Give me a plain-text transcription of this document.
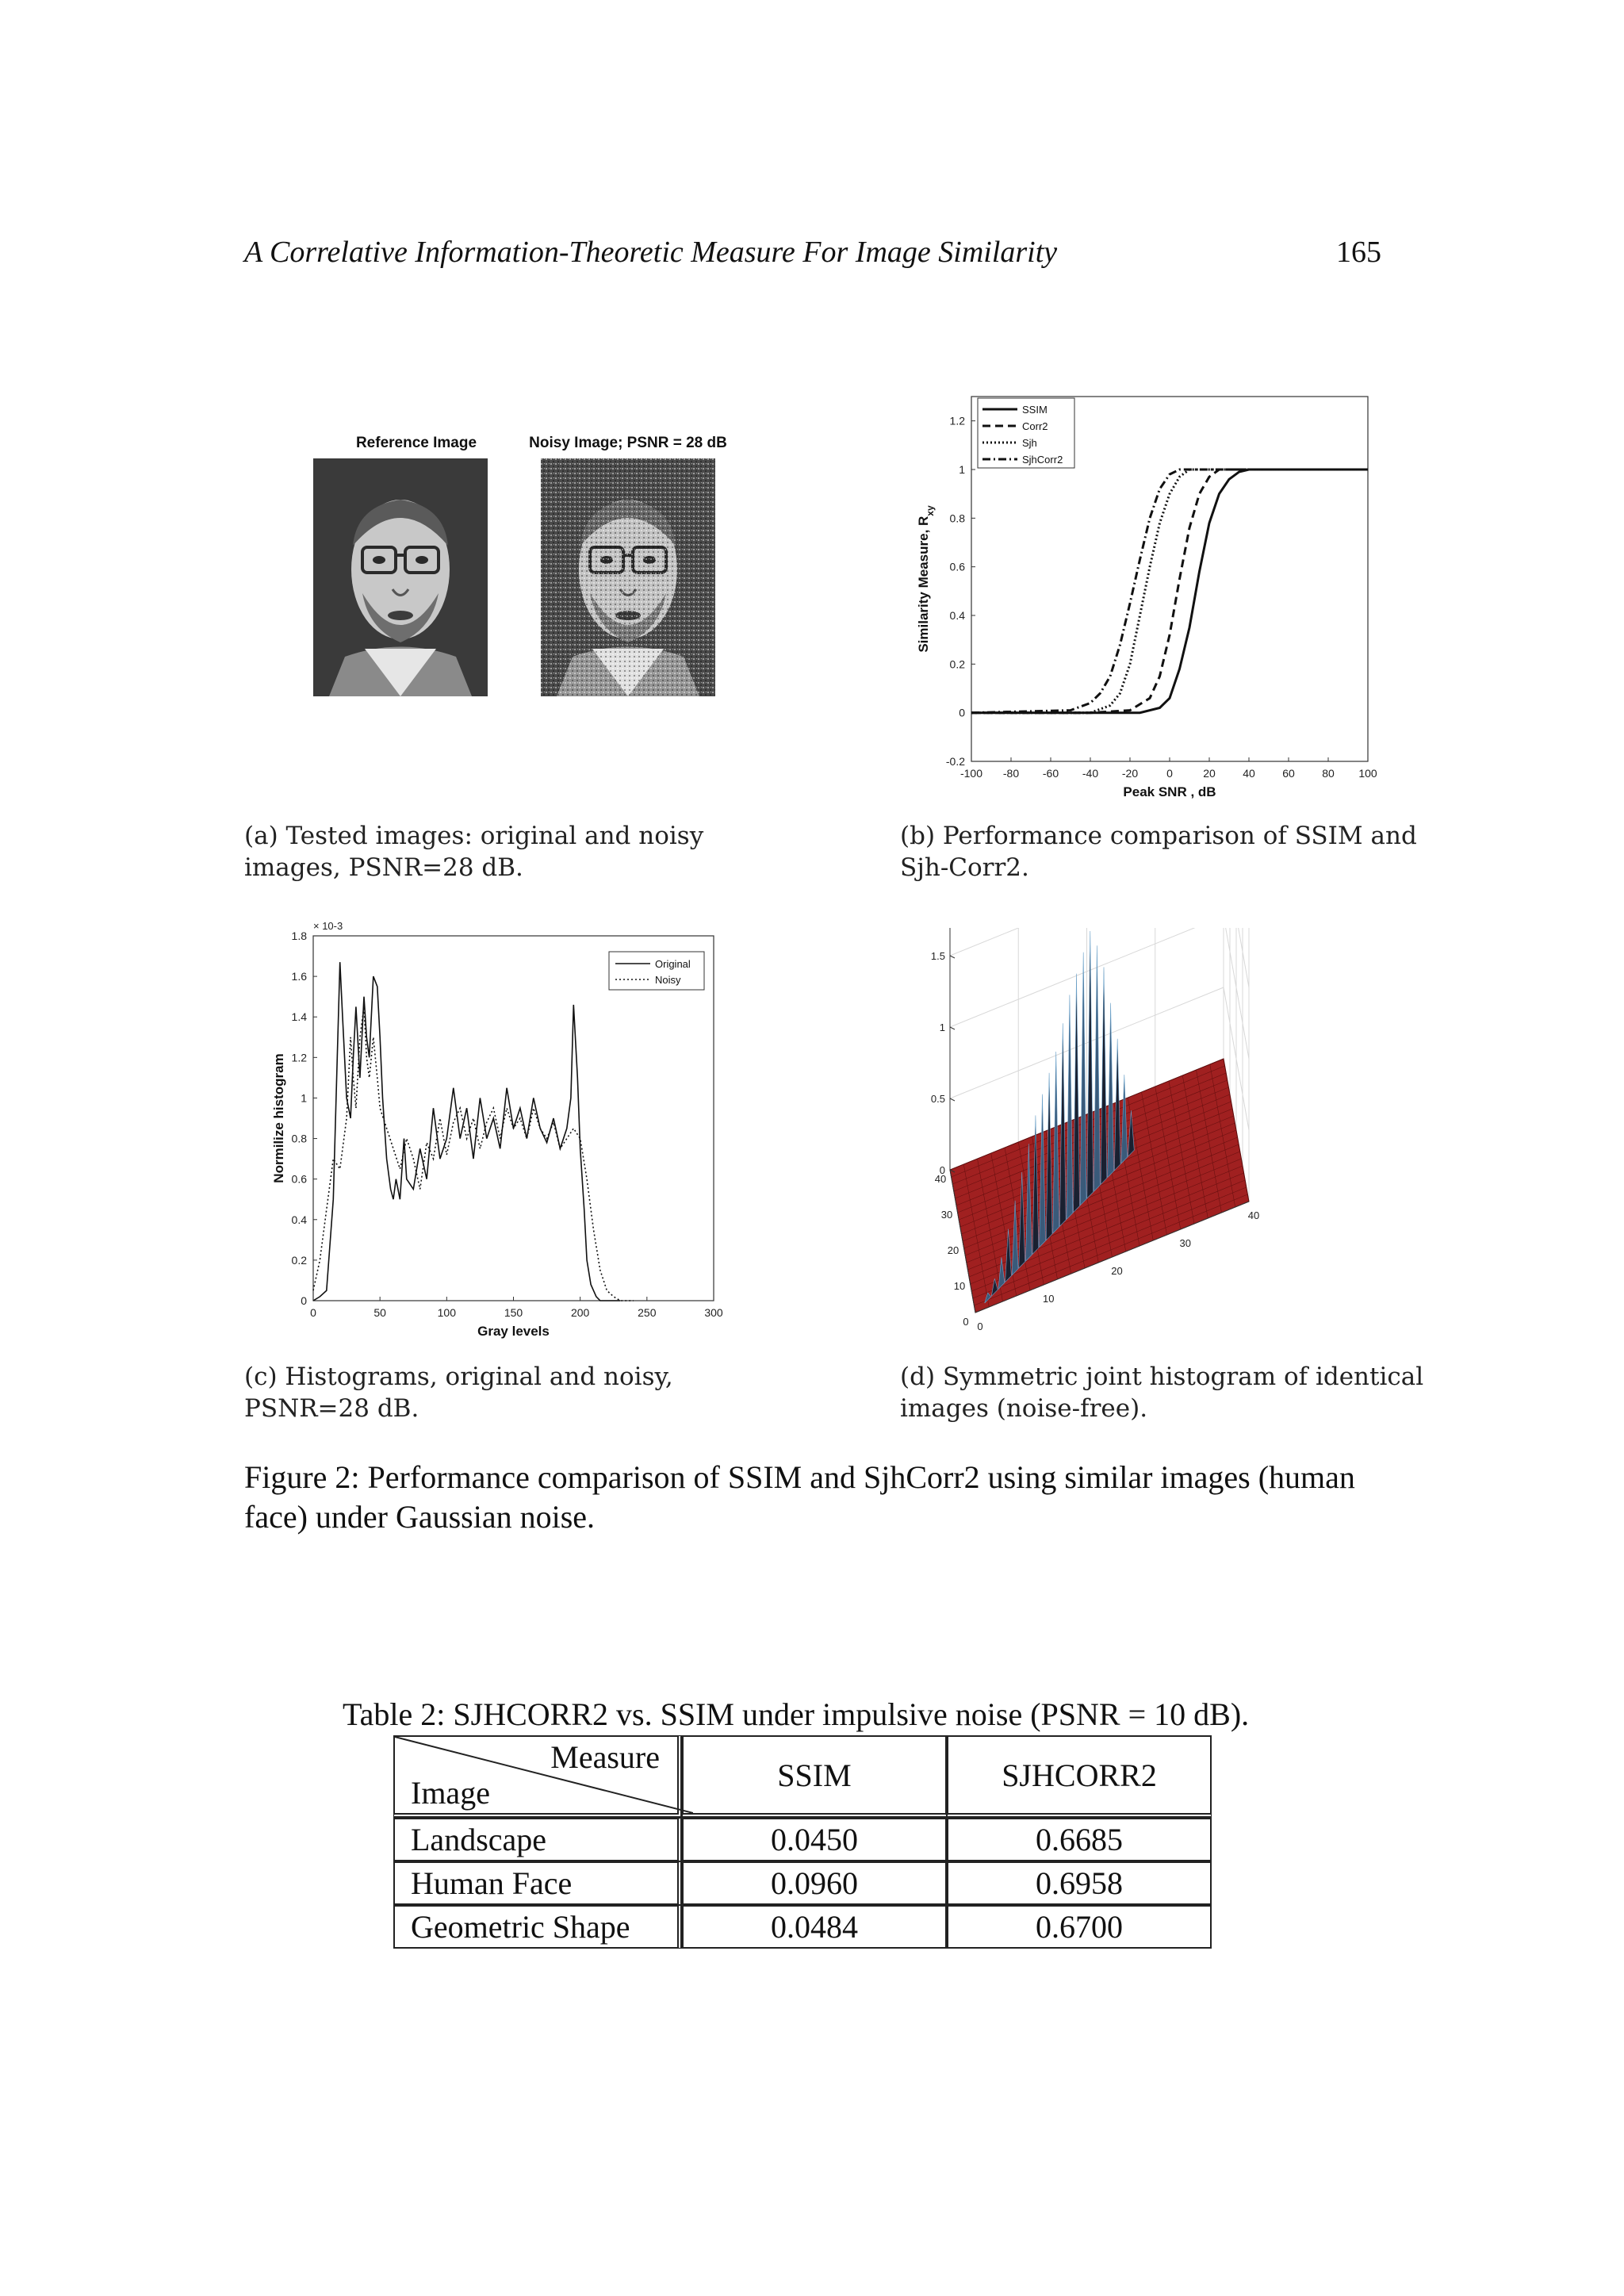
A Correlative Information-Theoretic Measure For Image Similarity	165
Reference Image	Noisy Image; PSNR = 28 dB
(a) Tested images: original and noisy images, PSNR=28 dB.
-100 -80 -60 -40 -20	0	20 40 60 80 100
-0.2
0
0.2
0.4
0.6
0.8
1
1.2
Peak SNR , dB
Similarity Measure, $R_{xy}$
SSIM
Corr2
Sjh
SjhCorr2
(b) Performance comparison of SSIM and Sjh-Corr2.
0	50	100	150	200	250	300
0
0.2
0.4
0.6
0.8
1
1.2
1.4
1.6
1.8
Gray levels
Normilize histogram
× 10-3
Original
Noisy
(c) Histograms, original and noisy, PSNR=28 dB.
0
0.5
1
1.5
0
10
20
30
40
0
10
20
30
40
(d) Symmetric joint histogram of identical images (noise-free).
Figure 2: Performance comparison of SSIM and SjhCorr2 using similar images (human face) under Gaussian noise.
Table 2: SJHCORR2 vs. SSIM under impulsive noise (PSNR = 10 dB).
Measure
Image	SSIM	SJHCORR2
Landscape	0.0450	0.6685
Human Face	0.0960	0.6958
Geometric Shape	0.0484	0.6700
